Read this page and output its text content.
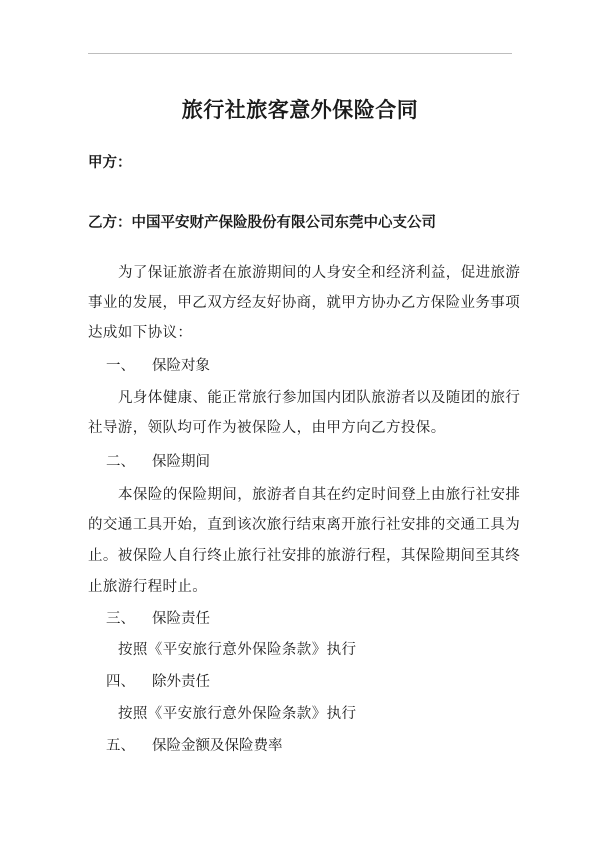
旅行社旅客意外保险合同
甲方：
乙方：中国平安财产保险股份有限公司东莞中心支公司
为了保证旅游者在旅游期间的人身安全和经济利益，促进旅游
事业的发展，甲乙双方经友好协商，就甲方协办乙方保险业务事项
达成如下协议：
一、 保险对象
凡身体健康、能正常旅行参加国内团队旅游者以及随团的旅行
社导游，领队均可作为被保险人，由甲方向乙方投保。
二、 保险期间
本保险的保险期间，旅游者自其在约定时间登上由旅行社安排
的交通工具开始，直到该次旅行结束离开旅行社安排的交通工具为
止。被保险人自行终止旅行社安排的旅游行程，其保险期间至其终
止旅游行程时止。
三、 保险责任
按照《平安旅行意外保险条款》执行
四、 除外责任
按照《平安旅行意外保险条款》执行
五、 保险金额及保险费率
